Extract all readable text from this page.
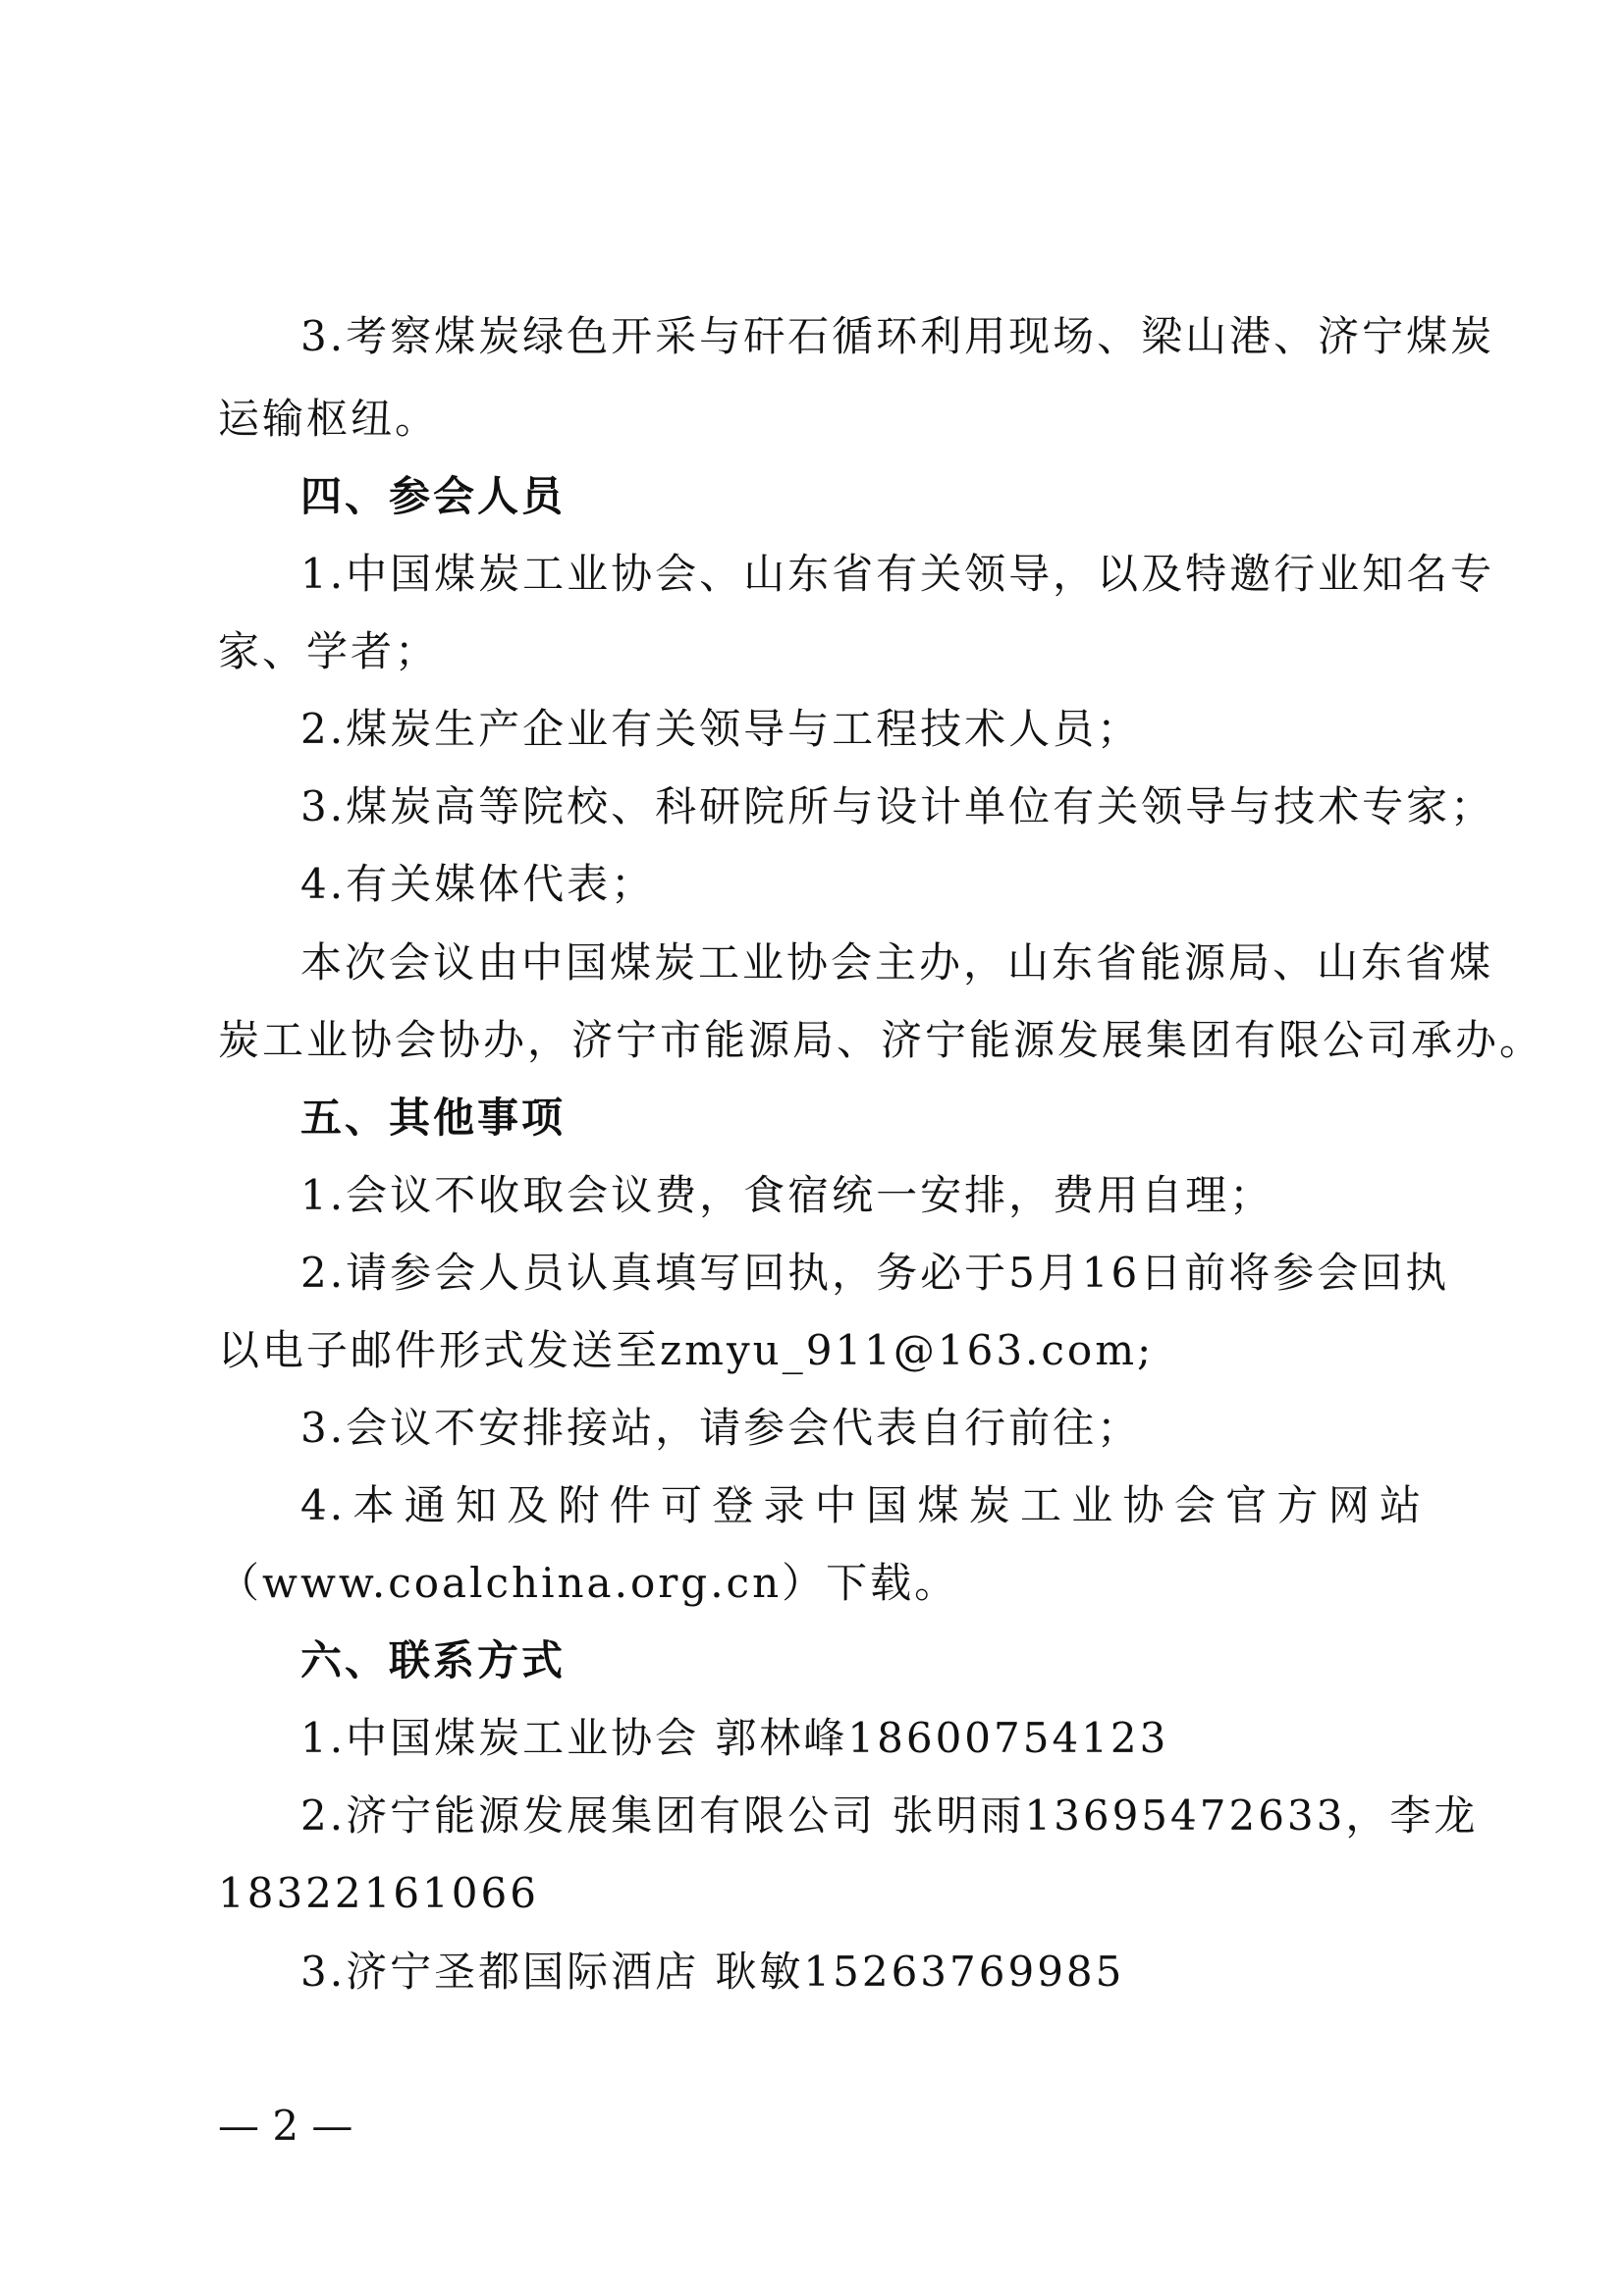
3.考察煤炭绿色开采与矸石循环利用现场、梁山港、济宁煤炭
运输枢纽。
四、参会人员
1.中国煤炭工业协会、山东省有关领导，以及特邀行业知名专
家、学者；
2.煤炭生产企业有关领导与工程技术人员；
3.煤炭高等院校、科研院所与设计单位有关领导与技术专家；
4.有关媒体代表；
本次会议由中国煤炭工业协会主办，山东省能源局、山东省煤
炭工业协会协办，济宁市能源局、济宁能源发展集团有限公司承办。
五、其他事项
1.会议不收取会议费，食宿统一安排，费用自理；
2.请参会人员认真填写回执，务必于5月16日前将参会回执
以电子邮件形式发送至zmyu_911@163.com;
3.会议不安排接站，请参会代表自行前往；
4.本通知及附件可登录中国煤炭工业协会官方网站
（www.coalchina.org.cn）下载。
六、联系方式
1.中国煤炭工业协会 郭林峰18600754123
2.济宁能源发展集团有限公司 张明雨13695472633，李龙
18322161066
3.济宁圣都国际酒店 耿敏15263769985
— 2 —
